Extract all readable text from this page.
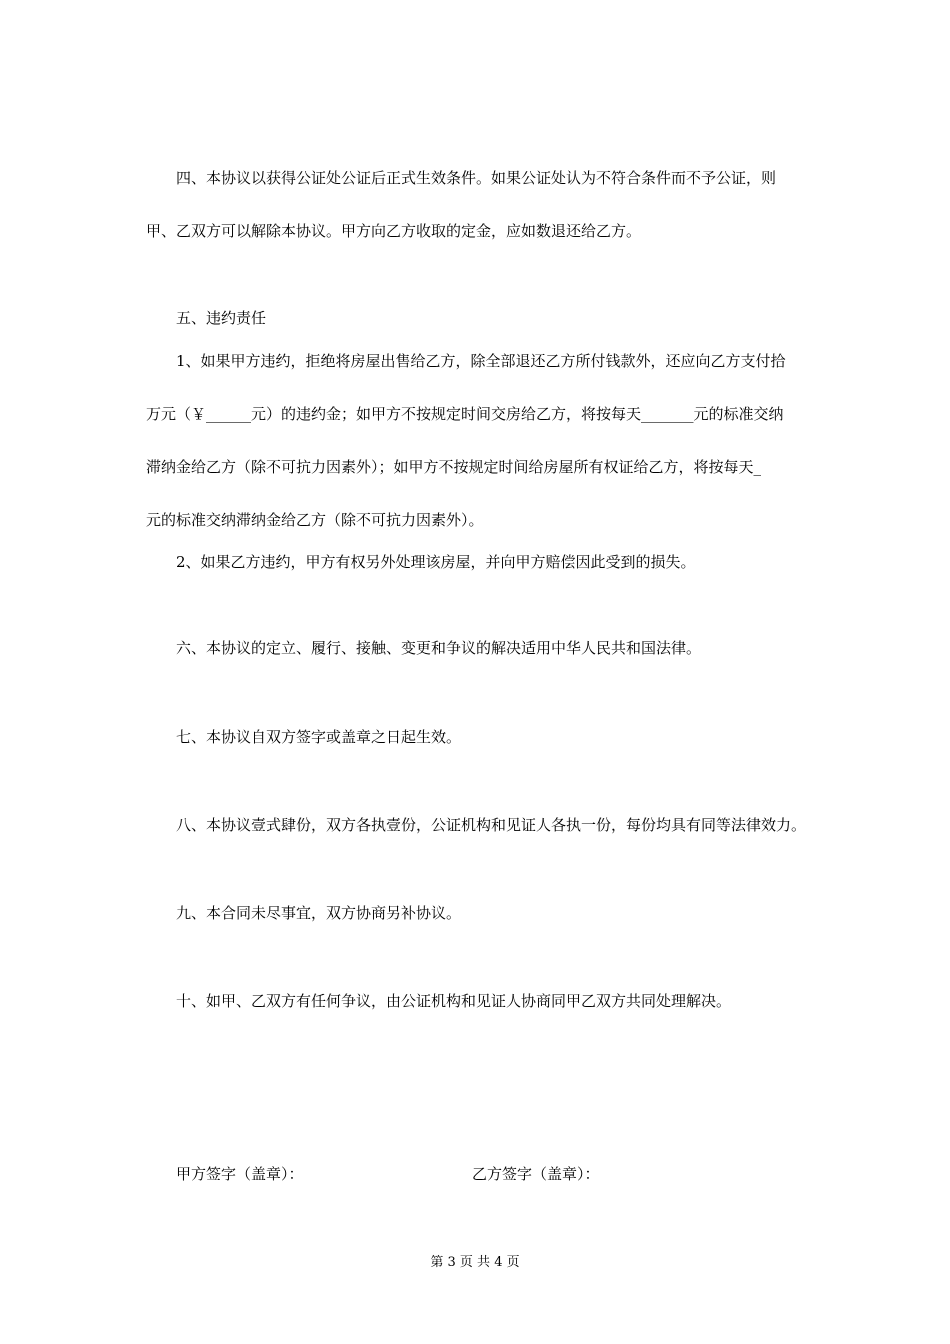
四、本协议以获得公证处公证后正式生效条件。如果公证处认为不符合条件而不予公证，则
甲、乙双方可以解除本协议。甲方向乙方收取的定金，应如数退还给乙方。
五、违约责任
1、如果甲方违约，拒绝将房屋出售给乙方，除全部退还乙方所付钱款外，还应向乙方支付拾
万元（￥______元）的违约金；如甲方不按规定时间交房给乙方，将按每天_______元的标准交纳
滞纳金给乙方（除不可抗力因素外）；如甲方不按规定时间给房屋所有权证给乙方，将按每天_
元的标准交纳滞纳金给乙方（除不可抗力因素外）。
2、如果乙方违约，甲方有权另外处理该房屋，并向甲方赔偿因此受到的损失。
六、本协议的定立、履行、接触、变更和争议的解决适用中华人民共和国法律。
七、本协议自双方签字或盖章之日起生效。
八、本协议壹式肆份，双方各执壹份，公证机构和见证人各执一份，每份均具有同等法律效力。
九、本合同未尽事宜，双方协商另补协议。
十、如甲、乙双方有任何争议，由公证机构和见证人协商同甲乙双方共同处理解决。
甲方签字（盖章）：	乙方签字（盖章）：
第 3 页 共 4 页
